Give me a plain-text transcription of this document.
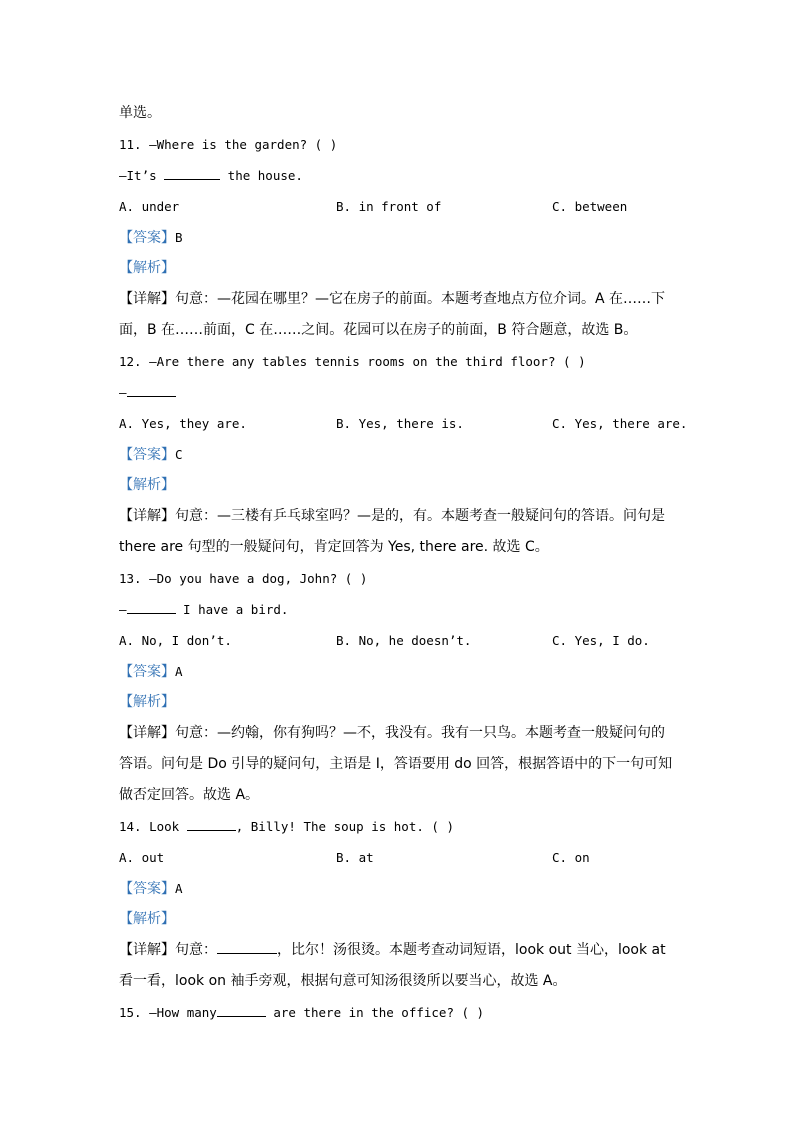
单选。
11. —Where is the garden? ( )
—It’s	the house.
A. under	B. in front of	C. between
【答案】B
【解析】
【详解】句意：—花园在哪里？—它在房子的前面。本题考查地点方位介词。A 在……下
面，B 在……前面，C 在……之间。花园可以在房子的前面，B 符合题意，故选 B。
12. —Are there any tables tennis rooms on the third floor? ( )
—
A. Yes, they are.	B. Yes, there is.	C. Yes, there are.
【答案】C
【解析】
【详解】句意：—三楼有乒乓球室吗？—是的，有。本题考查一般疑问句的答语。问句是
there are 句型的一般疑问句，肯定回答为 Yes, there are. 故选 C。
13. —Do you have a dog, John? ( )
—	I have a bird.
A. No, I don’t.	B. No, he doesn’t.	C. Yes, I do.
【答案】A
【解析】
【详解】句意：—约翰，你有狗吗？—不，我没有。我有一只鸟。本题考查一般疑问句的
答语。问句是 Do 引导的疑问句，主语是 I，答语要用 do 回答，根据答语中的下一句可知
做否定回答。故选 A。
14. Look	, Billy! The soup is hot. ( )
A. out	B. at	C. on
【答案】A
【解析】
【详解】句意：	，比尔！汤很烫。本题考查动词短语，look out 当心，look at
看一看，look on 袖手旁观，根据句意可知汤很烫所以要当心，故选 A。
15. —How many	are there in the office? ( )
